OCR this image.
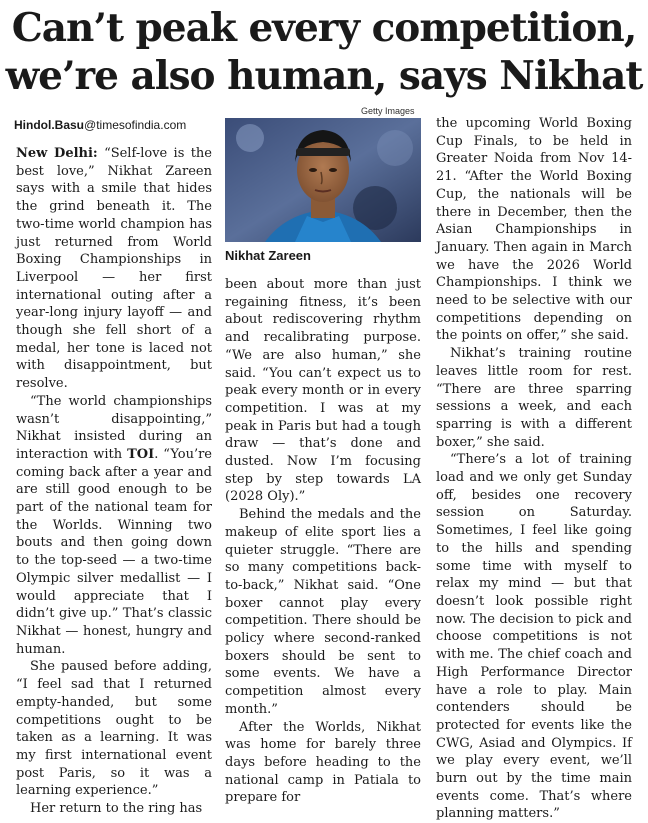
Can’t peak every competition,
we’re also human, says Nikhat
Hindol.Basu@timesofindia.com
Getty Images
Nikhat Zareen

New Delhi: “Self-love is the best love,” Nikhat Zareen says with a smile that hides the grind beneath it. The two-time world champion has just returned from World Boxing Championships in Liverpool — her first international outing after a year-long injury layoff — and though she fell short of a medal, her tone is laced not with disappointment, but resolve.

“The world championships wasn’t disappointing,” Nikhat insisted during an interaction with TOI. “You’re coming back after a year and are still good enough to be part of the national team for the Worlds. Winning two bouts and then going down to the top-seed — a two-time Olympic silver medallist — I would appreciate that I didn’t give up.” That’s classic Nikhat — honest, hungry and human.

She paused before adding, “I feel sad that I returned empty-handed, but some competitions ought to be taken as a learning. It was my first international event post Paris, so it was a learning experience.”

Her return to the ring has

been about more than just regaining fitness, it’s been about rediscovering rhythm and recalibrating purpose. “We are also human,” she said. “You can’t expect us to peak every month or in every competition. I was at my peak in Paris but had a tough draw — that’s done and dusted. Now I’m focusing step by step towards LA (2028 Oly).”

Behind the medals and the makeup of elite sport lies a quieter struggle. “There are so many competitions back-to-back,” Nikhat said. “One boxer cannot play every competition. There should be policy where second-ranked boxers should be sent to some events. We have a competition almost every month.”

After the Worlds, Nikhat was home for barely three days before heading to the national camp in Patiala to prepare for

the upcoming World Boxing Cup Finals, to be held in Greater Noida from Nov 14-21. “After the World Boxing Cup, the nationals will be there in December, then the Asian Championships in January. Then again in March we have the 2026 World Championships. I think we need to be selective with our competitions depending on the points on offer,” she said.

Nikhat’s training routine leaves little room for rest. “There are three sparring sessions a week, and each sparring is with a different boxer,” she said.

“There’s a lot of training load and we only get Sunday off, besides one recovery session on Saturday. Sometimes, I feel like going to the hills and spending some time with myself to relax my mind — but that doesn’t look possible right now. The decision to pick and choose competitions is not with me. The chief coach and High Performance Director have a role to play. Main contenders should be protected for events like the CWG, Asiad and Olympics. If we play every event, we’ll burn out by the time main events come. That’s where planning matters.”
